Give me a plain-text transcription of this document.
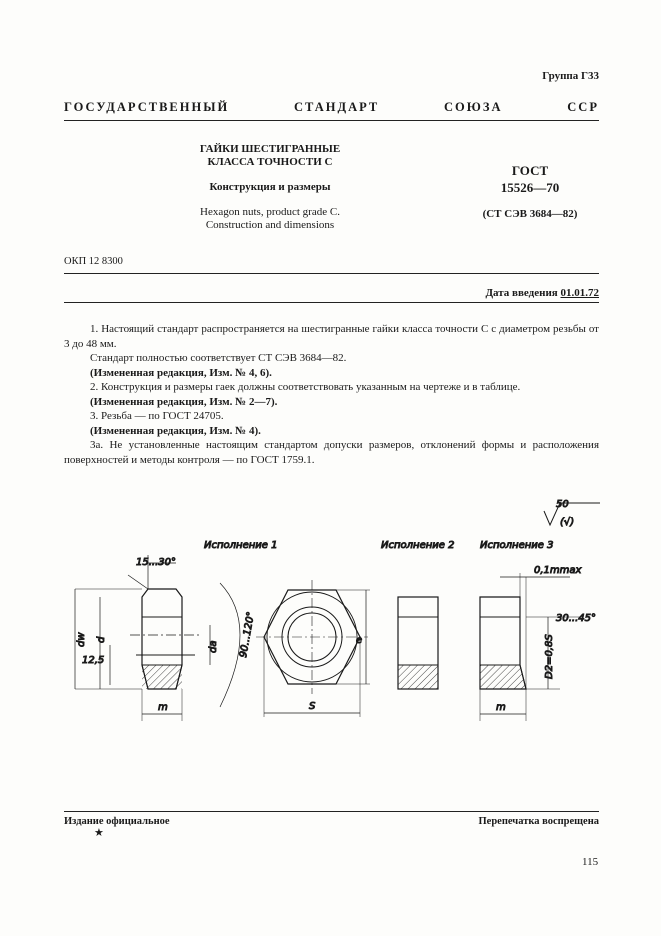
Группа Г33
ГОСУДАРСТВЕННЫЙ	СТАНДАРТ	СОЮЗА	ССР
ГАЙКИ ШЕСТИГРАННЫЕ
КЛАССА ТОЧНОСТИ С
Конструкция и размеры
Hexagon nuts, product grade C.
Construction and dimensions
ГОСТ
15526—70
(СТ СЭВ 3684—82)
ОКП 12 8300
Дата введения 01.01.72

1. Настоящий стандарт распространяется на шестигранные гайки класса точности С с диаметром резьбы от 3 до 48 мм.

Стандарт полностью соответствует СТ СЭВ 3684—82.

(Измененная редакция, Изм. № 4, 6).

2. Конструкция и размеры гаек должны соответствовать указанным на чертеже и в таблице.

(Измененная редакция, Изм. № 2—7).

3. Резьба — по ГОСТ 24705.

(Измененная редакция, Изм. № 4).

3а. Не установленные настоящим стандартом допуски размеров, отклонений формы и расположения поверхностей и методы контроля — по ГОСТ 1759.1.

50
(√)
Исполнение 1	Исполнение 2	Исполнение 3
15...30°
dw d
12,5
da 90...120°
m	S
e
0,1mmax
30...45°
D2=0,8S
m
Издание официальное	Перепечатка воспрещена
★
115
